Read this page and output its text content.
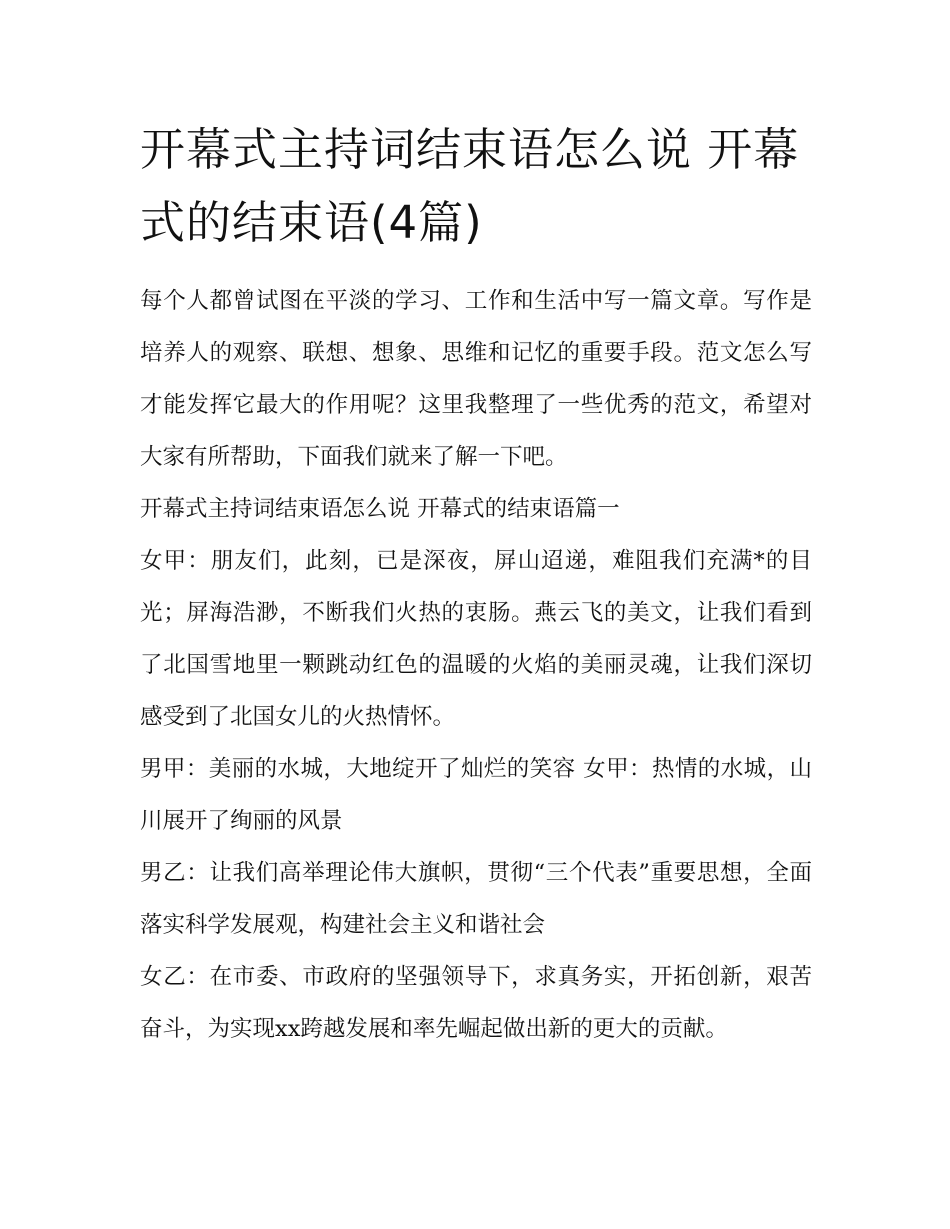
开幕式主持词结束语怎么说 开幕式的结束语(4篇)

每个人都曾试图在平淡的学习、工作和生活中写一篇文章。写作是培养人的观察、联想、想象、思维和记忆的重要手段。范文怎么写才能发挥它最大的作用呢？这里我整理了一些优秀的范文，希望对大家有所帮助，下面我们就来了解一下吧。

开幕式主持词结束语怎么说 开幕式的结束语篇一

女甲：朋友们，此刻，已是深夜，屏山迢递，难阻我们充满*的目光；屏海浩渺，不断我们火热的衷肠。燕云飞的美文，让我们看到了北国雪地里一颗跳动红色的温暖的火焰的美丽灵魂，让我们深切感受到了北国女儿的火热情怀。

男甲：美丽的水城，大地绽开了灿烂的笑容 女甲：热情的水城，山川展开了绚丽的风景

男乙：让我们高举理论伟大旗帜，贯彻“三个代表”重要思想，全面落实科学发展观，构建社会主义和谐社会

女乙：在市委、市政府的坚强领导下，求真务实，开拓创新，艰苦奋斗，为实现xx跨越发展和率先崛起做出新的更大的贡献。
